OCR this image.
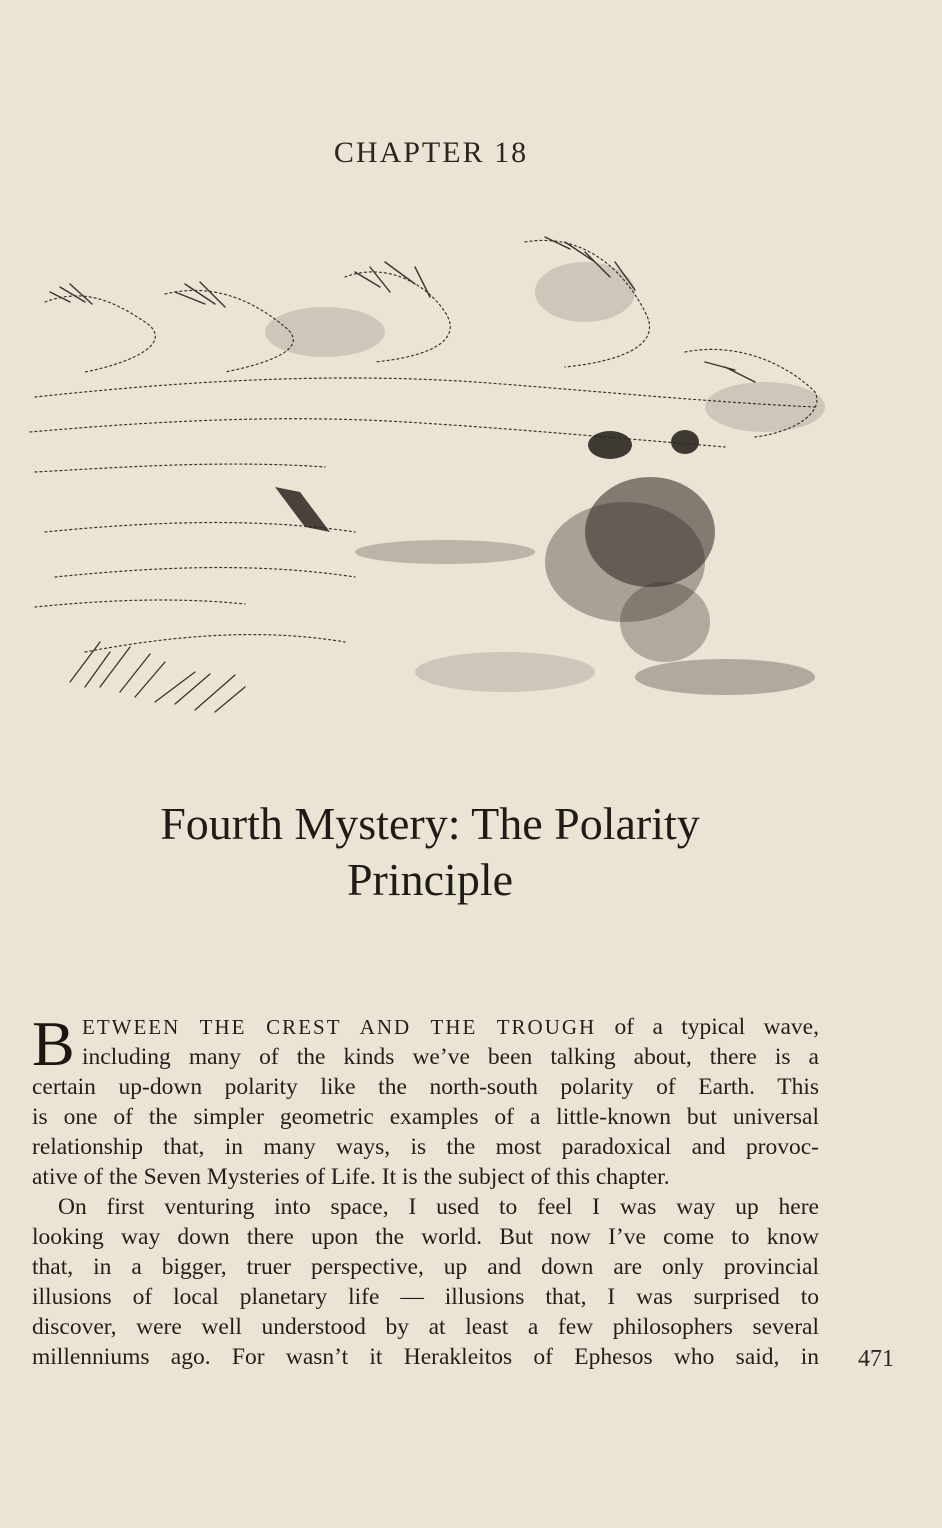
CHAPTER 18
Fourth Mystery: The Polarity
Principle
B ETWEEN THE CREST AND THE TROUGH of a typical wave,
including many of the kinds we’ve been talking about, there is a
certain up-down polarity like the north-south polarity of Earth. This
is one of the simpler geometric examples of a little-known but universal
relationship that, in many ways, is the most paradoxical and provoc-
ative of the Seven Mysteries of Life. It is the subject of this chapter.
On first venturing into space, I used to feel I was way up here
looking way down there upon the world. But now I’ve come to know
that, in a bigger, truer perspective, up and down are only provincial
illusions of local planetary life — illusions that, I was surprised to
discover, were well understood by at least a few philosophers several
millenniums ago. For wasn’t it Herakleitos of Ephesos who said, in 471
